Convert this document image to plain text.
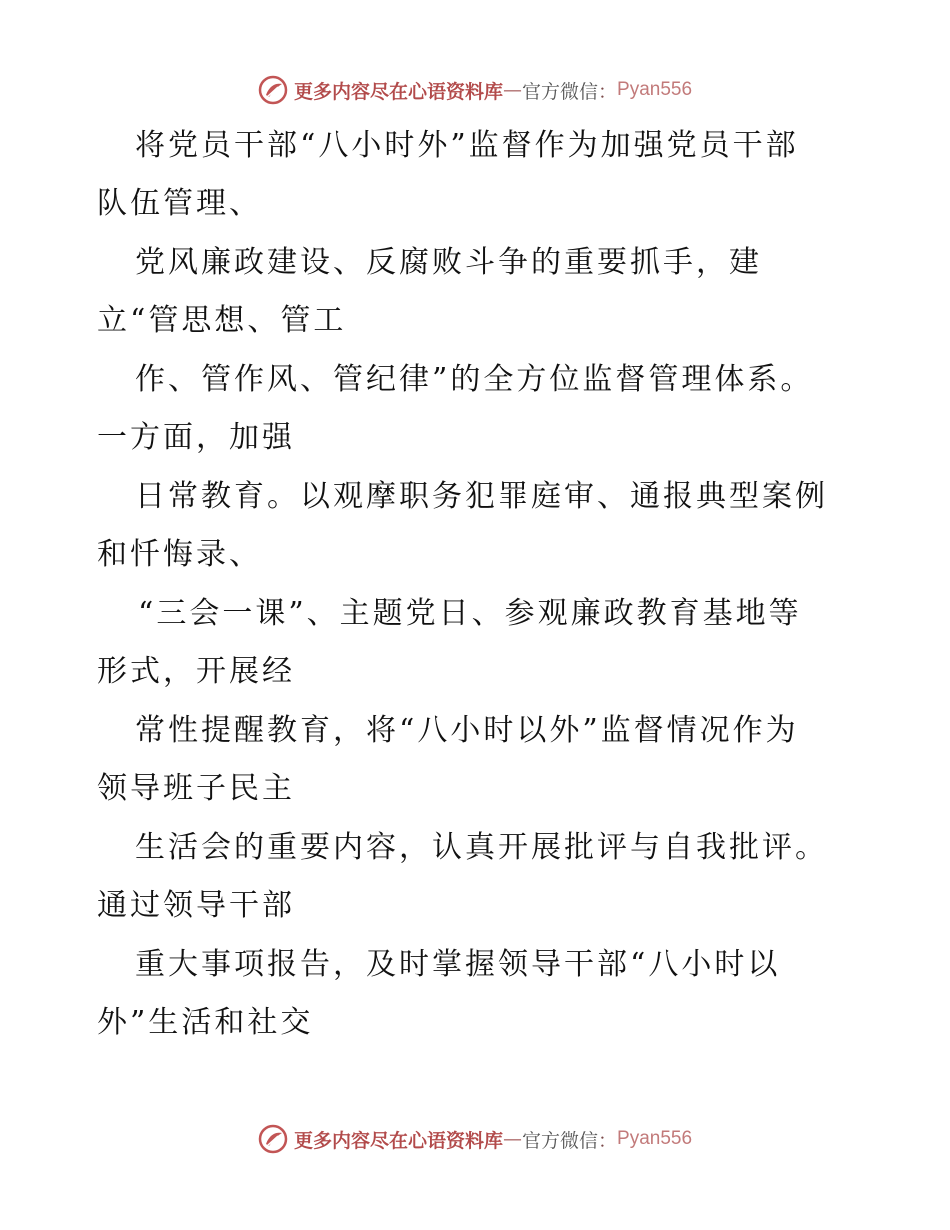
更多内容尽在心语资料库 — 官方微信 ： Pyan556
将党员干部“八小时外”监督作为加强党员干部
队伍管理、
党风廉政建设、反腐败斗争的重要抓手，建
立“管思想、管工
作、管作风、管纪律”的全方位监督管理体系。
一方面，加强
日常教育。以观摩职务犯罪庭审、通报典型案例
和忏悔录、
“三会一课”、主题党日、参观廉政教育基地等
形式，开展经
常性提醒教育，将“八小时以外”监督情况作为
领导班子民主
生活会的重要内容，认真开展批评与自我批评。
通过领导干部
重大事项报告，及时掌握领导干部“八小时以
外”生活和社交
更多内容尽在心语资料库 — 官方微信 ： Pyan556
